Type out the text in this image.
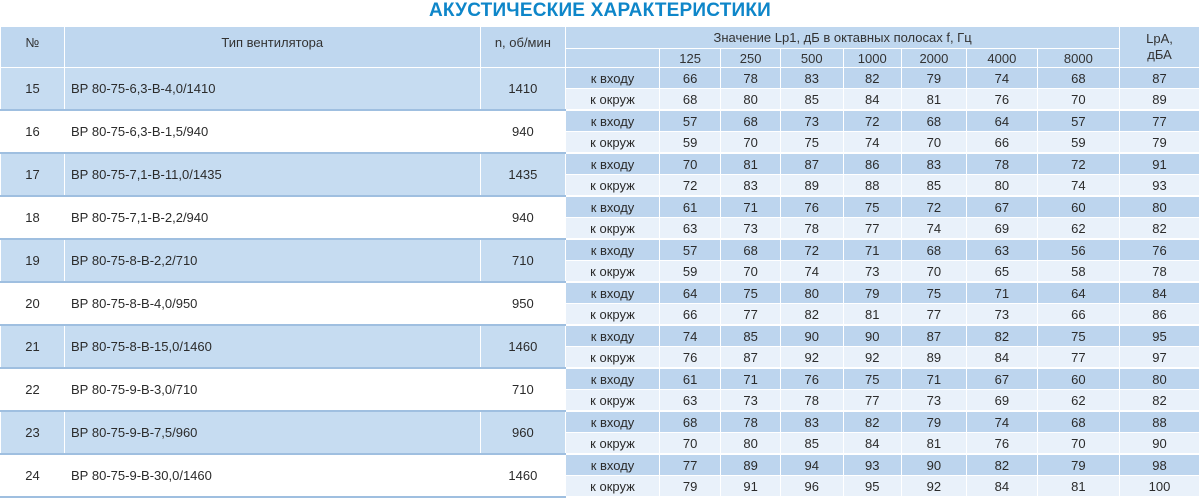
АКУСТИЧЕСКИЕ ХАРАКТЕРИСТИКИ
№	Тип вентилятора	n, об/мин	Значение Lp1, дБ в октавных полосах f, Гц								LpA,
дБА
				125	250	500	1000	2000	4000	8000	
15	ВР 80-75-6,3-В-4,0/1410	1410	к входу	66	78	83	82	79	74	68	87
			к окруж	68	80	85	84	81	76	70	89
16	ВР 80-75-6,3-В-1,5/940	940	к входу	57	68	73	72	68	64	57	77
			к окруж	59	70	75	74	70	66	59	79
17	ВР 80-75-7,1-В-11,0/1435	1435	к входу	70	81	87	86	83	78	72	91
			к окруж	72	83	89	88	85	80	74	93
18	ВР 80-75-7,1-В-2,2/940	940	к входу	61	71	76	75	72	67	60	80
			к окруж	63	73	78	77	74	69	62	82
19	ВР 80-75-8-В-2,2/710	710	к входу	57	68	72	71	68	63	56	76
			к окруж	59	70	74	73	70	65	58	78
20	ВР 80-75-8-В-4,0/950	950	к входу	64	75	80	79	75	71	64	84
			к окруж	66	77	82	81	77	73	66	86
21	ВР 80-75-8-В-15,0/1460	1460	к входу	74	85	90	90	87	82	75	95
			к окруж	76	87	92	92	89	84	77	97
22	ВР 80-75-9-В-3,0/710	710	к входу	61	71	76	75	71	67	60	80
			к окруж	63	73	78	77	73	69	62	82
23	ВР 80-75-9-В-7,5/960	960	к входу	68	78	83	82	79	74	68	88
			к окруж	70	80	85	84	81	76	70	90
24	ВР 80-75-9-В-30,0/1460	1460	к входу	77	89	94	93	90	82	79	98
			к окруж	79	91	96	95	92	84	81	100
